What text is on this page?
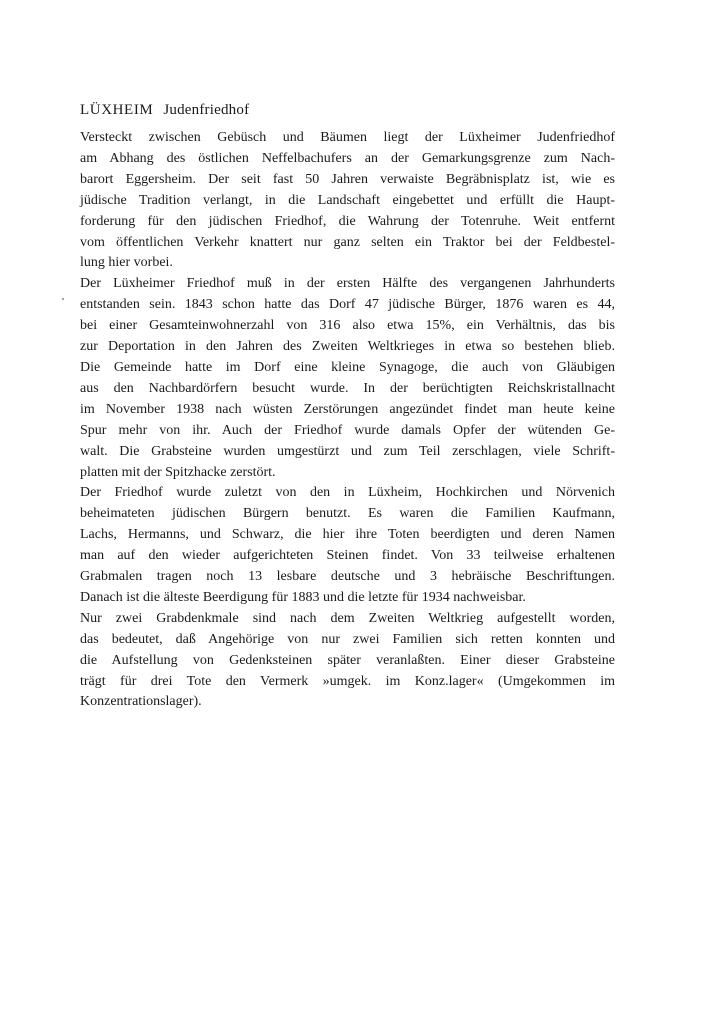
LÜXHEIM Judenfriedhof
Versteckt zwischen Gebüsch und Bäumen liegt der Lüxheimer Judenfriedhof
am Abhang des östlichen Neffelbachufers an der Gemarkungsgrenze zum Nach-
barort Eggersheim. Der seit fast 50 Jahren verwaiste Begräbnisplatz ist, wie es
jüdische Tradition verlangt, in die Landschaft eingebettet und erfüllt die Haupt-
forderung für den jüdischen Friedhof, die Wahrung der Totenruhe. Weit entfernt
vom öffentlichen Verkehr knattert nur ganz selten ein Traktor bei der Feldbestel-
lung hier vorbei.
Der Lüxheimer Friedhof muß in der ersten Hälfte des vergangenen Jahrhunderts
entstanden sein. 1843 schon hatte das Dorf 47 jüdische Bürger, 1876 waren es 44,
bei einer Gesamteinwohnerzahl von 316 also etwa 15%, ein Verhältnis, das bis
zur Deportation in den Jahren des Zweiten Weltkrieges in etwa so bestehen blieb.
Die Gemeinde hatte im Dorf eine kleine Synagoge, die auch von Gläubigen
aus den Nachbardörfern besucht wurde. In der berüchtigten Reichskristallnacht
im November 1938 nach wüsten Zerstörungen angezündet findet man heute keine
Spur mehr von ihr. Auch der Friedhof wurde damals Opfer der wütenden Ge-
walt. Die Grabsteine wurden umgestürzt und zum Teil zerschlagen, viele Schrift-
platten mit der Spitzhacke zerstört.
Der Friedhof wurde zuletzt von den in Lüxheim, Hochkirchen und Nörvenich
beheimateten jüdischen Bürgern benutzt. Es waren die Familien Kaufmann,
Lachs, Hermanns, und Schwarz, die hier ihre Toten beerdigten und deren Namen
man auf den wieder aufgerichteten Steinen findet. Von 33 teilweise erhaltenen
Grabmalen tragen noch 13 lesbare deutsche und 3 hebräische Beschriftungen.
Danach ist die älteste Beerdigung für 1883 und die letzte für 1934 nachweisbar.
Nur zwei Grabdenkmale sind nach dem Zweiten Weltkrieg aufgestellt worden,
das bedeutet, daß Angehörige von nur zwei Familien sich retten konnten und
die Aufstellung von Gedenksteinen später veranlaßten. Einer dieser Grabsteine
trägt für drei Tote den Vermerk »umgek. im Konz.lager« (Umgekommen im
Konzentrationslager).
